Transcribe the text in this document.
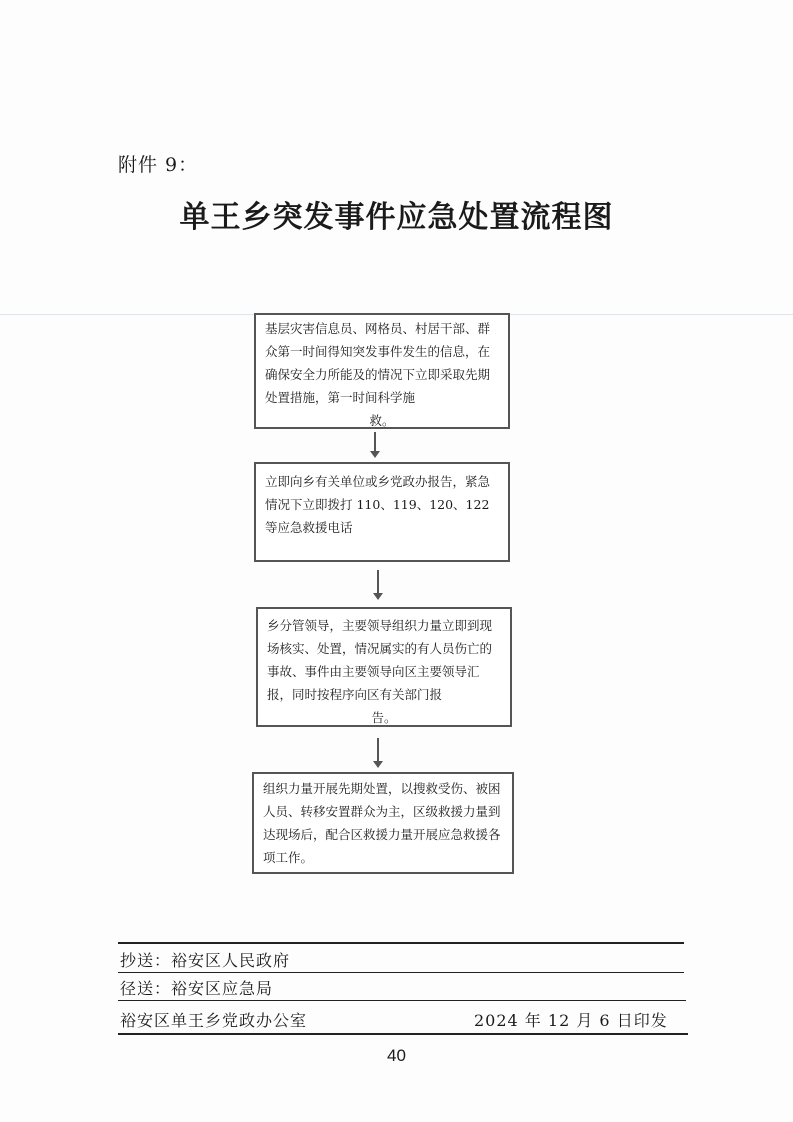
附件 9：
单王乡突发事件应急处置流程图
基层灾害信息员、网格员、村居干部、群众第一时间得知突发事件发生的信息，在确保安全力所能及的情况下立即采取先期处置措施，第一时间科学施
救。
立即向乡有关单位或乡党政办报告，紧急情况下立即拨打 110、119、120、122 等应急救援电话
乡分管领导，主要领导组织力量立即到现场核实、处置，情况属实的有人员伤亡的事故、事件由主要领导向区主要领导汇报，同时按程序向区有关部门报
告。
组织力量开展先期处置，以搜救受伤、被困人员、转移安置群众为主，区级救援力量到达现场后，配合区救援力量开展应急救援各项工作。
抄送：裕安区人民政府
径送：裕安区应急局
裕安区单王乡党政办公室	2024 年 12 月 6 日印发
40
